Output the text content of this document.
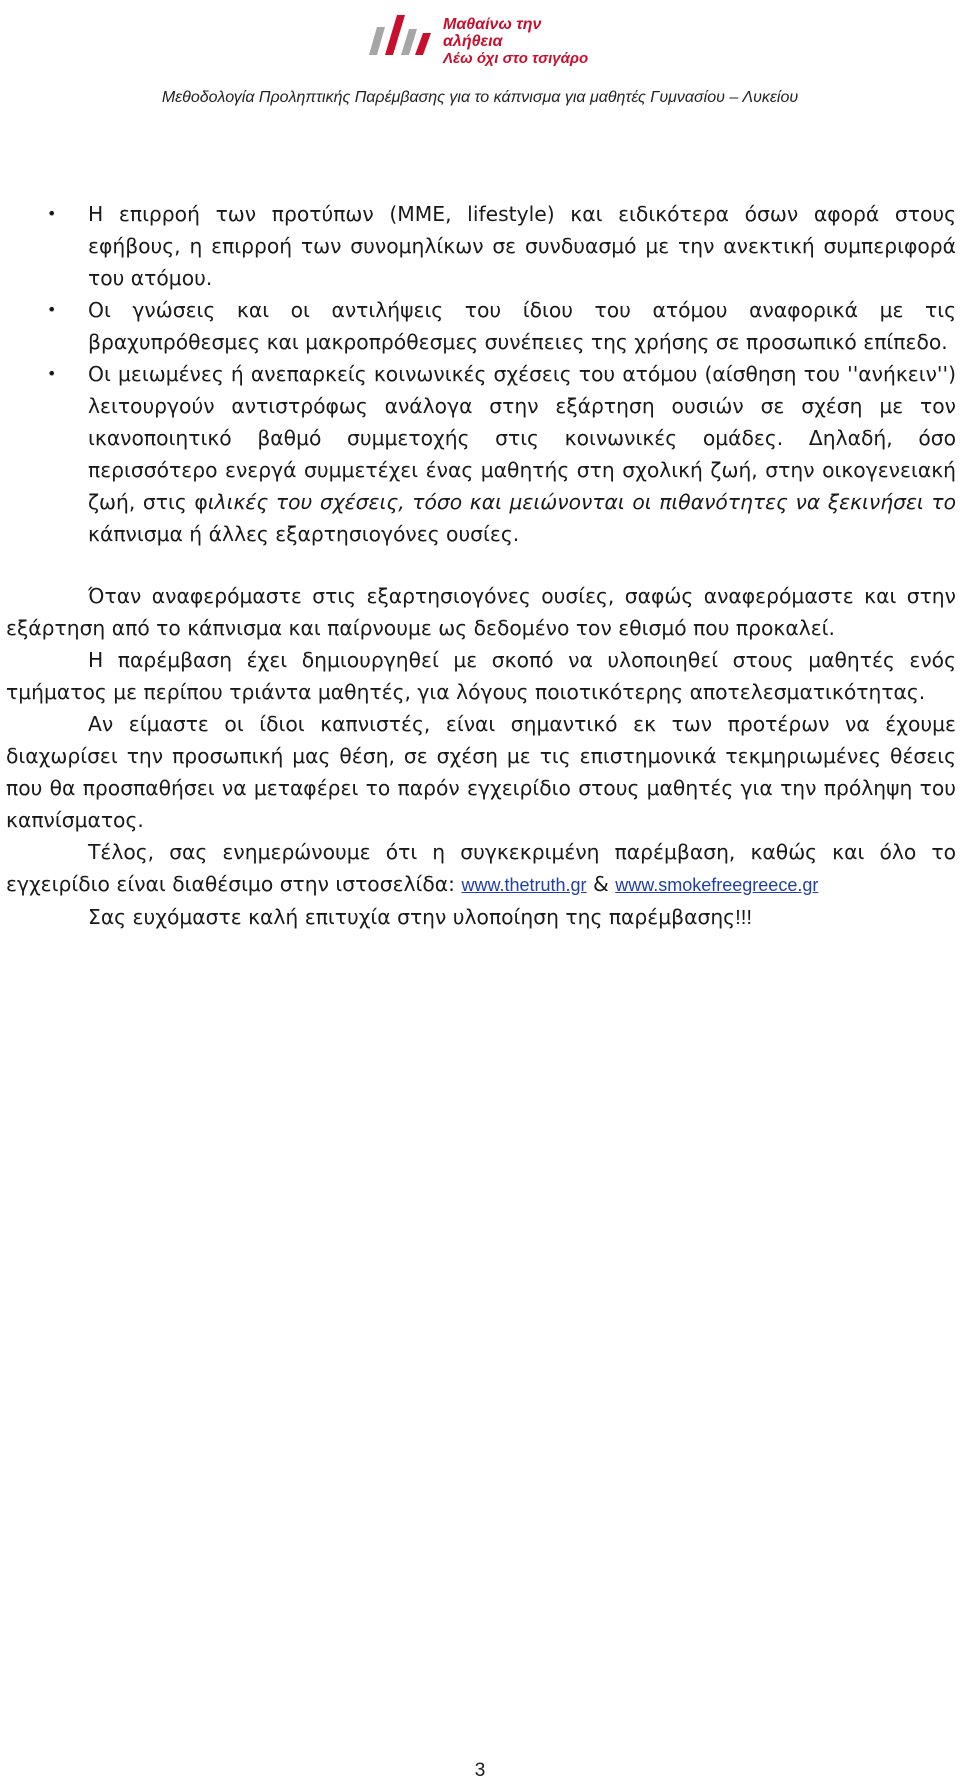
Μαθαίνω την αλήθεια
Λέω όχι στο τσιγάρο
Μεθοδολογία Προληπτικής Παρέμβασης για το κάπνισμα για μαθητές Γυμνασίου – Λυκείου
• Η επιρροή των προτύπων (ΜΜΕ, lifestyle) και ειδικότερα όσων αφορά στους εφήβους, η επιρροή των συνομηλίκων σε συνδυασμό με την ανεκτική συμπεριφορά του ατόμου.
• Οι γνώσεις και οι αντιλήψεις του ίδιου του ατόμου αναφορικά με τις βραχυπρόθεσμες και μακροπρόθεσμες συνέπειες της χρήσης σε προσωπικό επίπεδο.
• Οι μειωμένες ή ανεπαρκείς κοινωνικές σχέσεις του ατόμου (αίσθηση του ''ανήκειν'') λειτουργούν αντιστρόφως ανάλογα στην εξάρτηση ουσιών σε σχέση με τον ικανοποιητικό βαθμό συμμετοχής στις κοινωνικές ομάδες. Δηλαδή, όσο περισσότερο ενεργά συμμετέχει ένας μαθητής στη σχολική ζωή, στην οικογενειακή ζωή, στις φιλικές του σχέσεις, τόσο και μειώνονται οι πιθανότητες να ξεκινήσει το κάπνισμα ή άλλες εξαρτησιογόνες ουσίες.

Όταν αναφερόμαστε στις εξαρτησιογόνες ουσίες, σαφώς αναφερόμαστε και στην εξάρτηση από το κάπνισμα και παίρνουμε ως δεδομένο τον εθισμό που προκαλεί.

Η παρέμβαση έχει δημιουργηθεί με σκοπό να υλοποιηθεί στους μαθητές ενός τμήματος με περίπου τριάντα μαθητές, για λόγους ποιοτικότερης αποτελεσματικότητας.

Αν είμαστε οι ίδιοι καπνιστές, είναι σημαντικό εκ των προτέρων να έχουμε διαχωρίσει την προσωπική μας θέση, σε σχέση με τις επιστημονικά τεκμηριωμένες θέσεις που θα προσπαθήσει να μεταφέρει το παρόν εγχειρίδιο στους μαθητές για την πρόληψη του καπνίσματος.

Τέλος, σας ενημερώνουμε ότι η συγκεκριμένη παρέμβαση, καθώς και όλο το εγχειρίδιο είναι διαθέσιμο στην ιστοσελίδα: www.thetruth.gr & www.smokefreegreece.gr

Σας ευχόμαστε καλή επιτυχία στην υλοποίηση της παρέμβασης!!!

3
